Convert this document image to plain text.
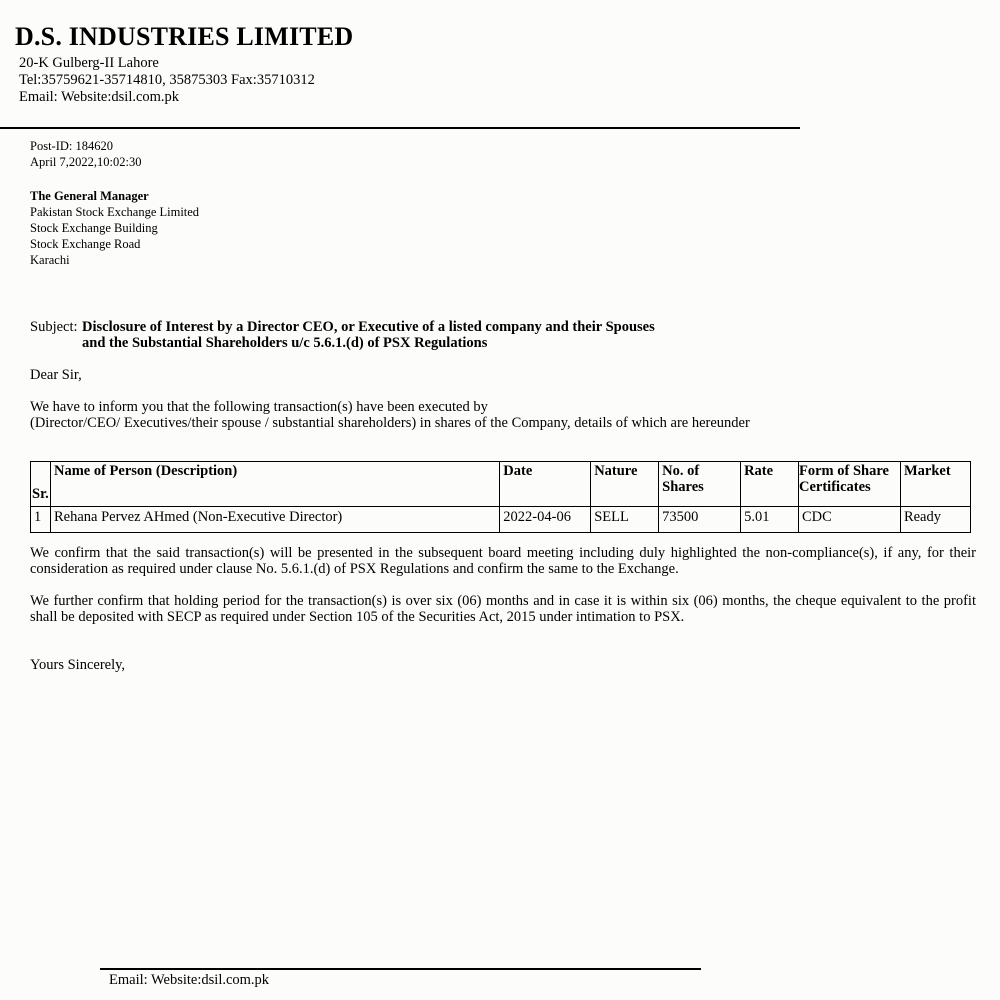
D.S. INDUSTRIES LIMITED
20-K Gulberg-II Lahore
Tel:35759621-35714810, 35875303 Fax:35710312
Email: Website:dsil.com.pk
Post-ID: 184620
April 7,2022,10:02:30
The General Manager
Pakistan Stock Exchange Limited
Stock Exchange Building
Stock Exchange Road
Karachi
Subject: Disclosure of Interest by a Director CEO, or Executive of a listed company and their Spouses
and the Substantial Shareholders u/c 5.6.1.(d) of PSX Regulations
Dear Sir,
We have to inform you that the following transaction(s) have been executed by
(Director/CEO/ Executives/their spouse / substantial shareholders) in shares of the Company, details of which are hereunder
Sr.	Name of Person (Description)	Date	Nature	No. of Shares	Rate	Form of Share Certificates	Market
1	Rehana Pervez AHmed (Non-Executive Director)	2022-04-06	SELL	73500	5.01	CDC	Ready
We confirm that the said transaction(s) will be presented in the subsequent board meeting including duly highlighted the non-compliance(s), if any, for their consideration as required under clause No. 5.6.1.(d) of PSX Regulations and confirm the same to the Exchange.
We further confirm that holding period for the transaction(s) is over six (06) months and in case it is within six (06) months, the cheque equivalent to the profit shall be deposited with SECP as required under Section 105 of the Securities Act, 2015 under intimation to PSX.
Yours Sincerely,
Email: Website:dsil.com.pk
